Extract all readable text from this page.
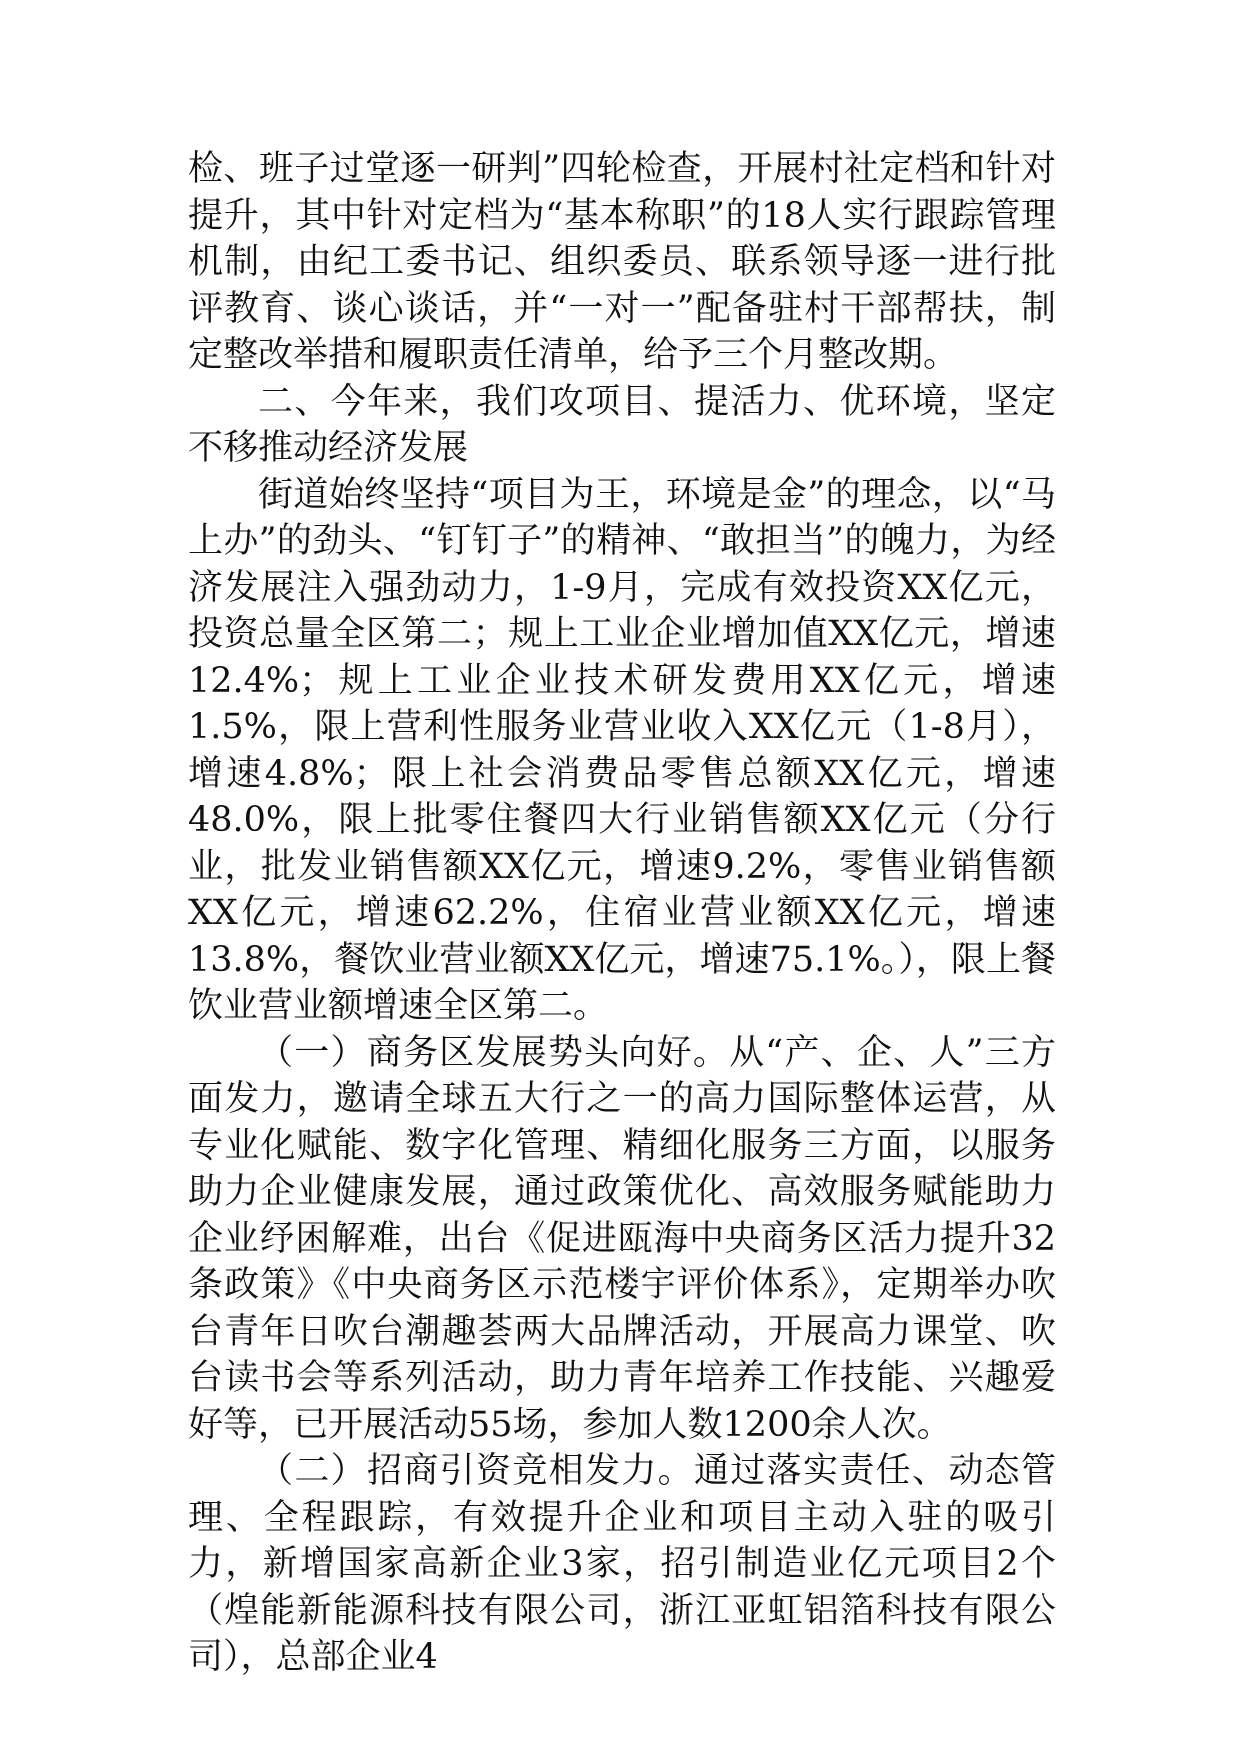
检、班子过堂逐一研判”四轮检查，开展村社定档和针对提升，其中针对定档为“基本称职”的18人实行跟踪管理机制，由纪工委书记、组织委员、联系领导逐一进行批评教育、谈心谈话，并“一对一”配备驻村干部帮扶，制定整改举措和履职责任清单，给予三个月整改期。

二、今年来，我们攻项目、提活力、优环境，坚定不移推动经济发展

街道始终坚持“项目为王，环境是金”的理念，以“马上办”的劲头、“钉钉子”的精神、“敢担当”的魄力，为经济发展注入强劲动力，1-9月，完成有效投资XX亿元，投资总量全区第二；规上工业企业增加值XX亿元，增速12.4%；规上工业企业技术研发费用XX亿元，增速1.5%，限上营利性服务业营业收入XX亿元（1-8月），增速4.8%；限上社会消费品零售总额XX亿元，增速48.0%，限上批零住餐四大行业销售额XX亿元（分行业，批发业销售额XX亿元，增速9.2%，零售业销售额XX亿元，增速62.2%，住宿业营业额XX亿元，增速13.8%，餐饮业营业额XX亿元，增速75.1%。），限上餐饮业营业额增速全区第二。

（一）商务区发展势头向好。从“产、企、人”三方面发力，邀请全球五大行之一的高力国际整体运营，从专业化赋能、数字化管理、精细化服务三方面，以服务助力企业健康发展，通过政策优化、高效服务赋能助力企业纾困解难，出台《促进瓯海中央商务区活力提升32条政策》《中央商务区示范楼宇评价体系》，定期举办吹台青年日吹台潮趣荟两大品牌活动，开展高力课堂、吹台读书会等系列活动，助力青年培养工作技能、兴趣爱好等，已开展活动55场，参加人数1200余人次。

（二）招商引资竞相发力。通过落实责任、动态管理、全程跟踪，有效提升企业和项目主动入驻的吸引力，新增国家高新企业3家，招引制造业亿元项目2个（煌能新能源科技有限公司，浙江亚虹铝箔科技有限公司），总部企业4
